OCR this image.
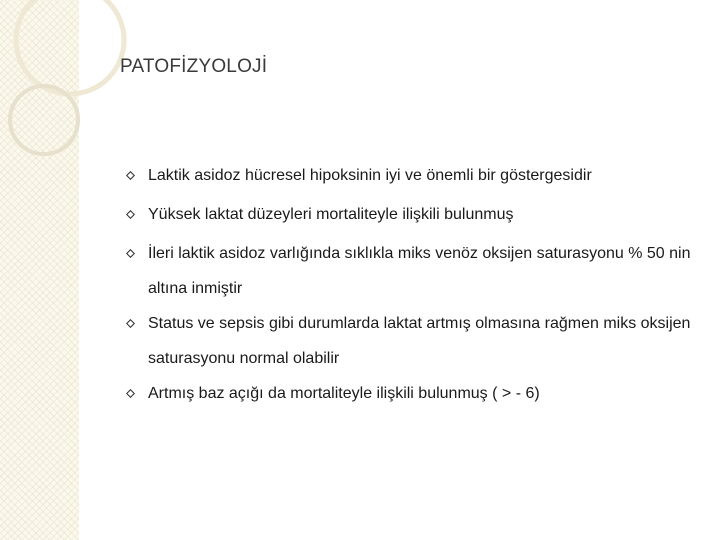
PATOFİZYOLOJİ
Laktik asidoz hücresel hipoksinin iyi ve önemli bir göstergesidir
Yüksek laktat düzeyleri mortaliteyle ilişkili bulunmuş
İleri laktik asidoz varlığında sıklıkla miks venöz oksijen saturasyonu % 50 nin altına inmiştir
Status ve sepsis gibi durumlarda laktat artmış olmasına rağmen miks oksijen saturasyonu normal olabilir
Artmış baz açığı da mortaliteyle ilişkili bulunmuş ( > - 6)
